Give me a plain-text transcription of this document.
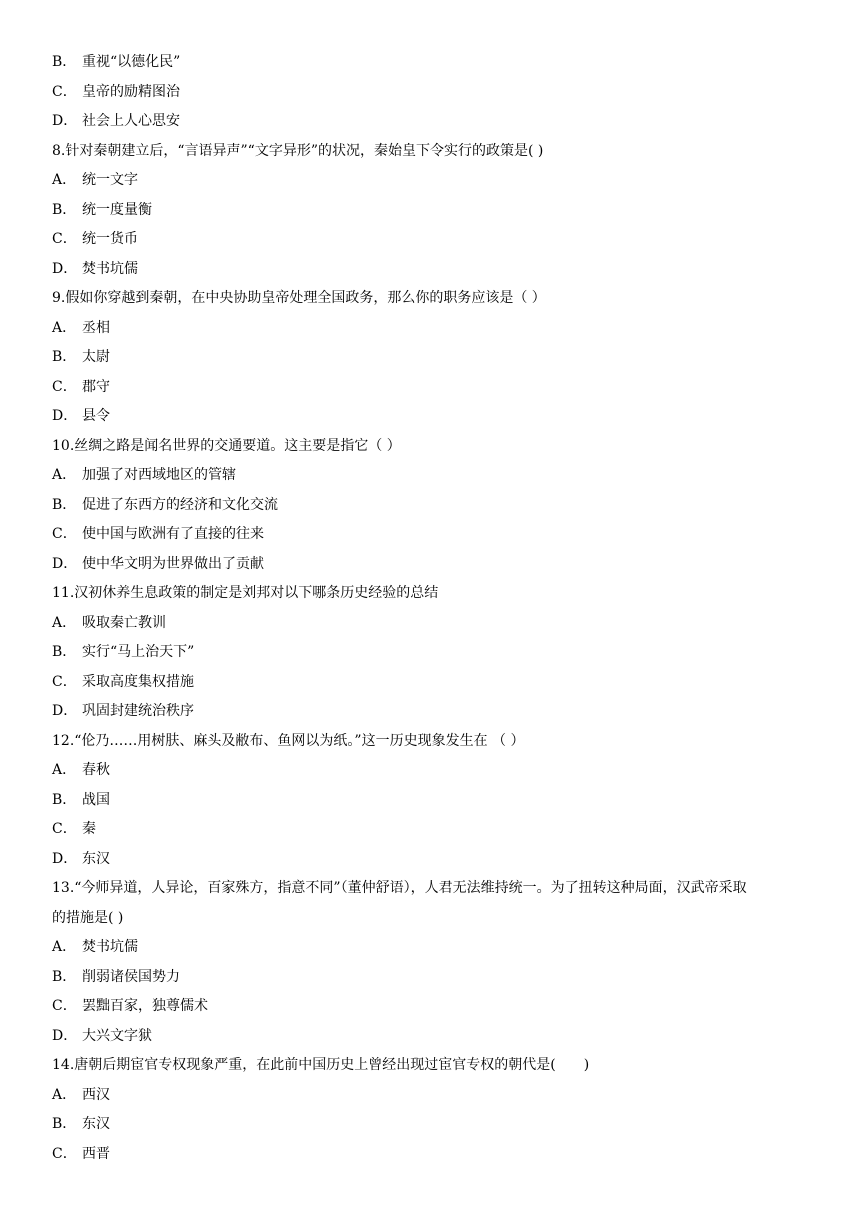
B． 重视“以德化民”
C． 皇帝的励精图治
D． 社会上人心思安
8.针对秦朝建立后，“言语异声”“文字异形”的状况，秦始皇下令实行的政策是( )
A． 统一文字
B． 统一度量衡
C． 统一货币
D． 焚书坑儒
9.假如你穿越到秦朝，在中央协助皇帝处理全国政务，那么你的职务应该是（ ）
A． 丞相
B． 太尉
C． 郡守
D． 县令
10.丝绸之路是闻名世界的交通要道。这主要是指它（ ）
A． 加强了对西域地区的管辖
B． 促进了东西方的经济和文化交流
C． 使中国与欧洲有了直接的往来
D． 使中华文明为世界做出了贡献
11.汉初休养生息政策的制定是刘邦对以下哪条历史经验的总结
A． 吸取秦亡教训
B． 实行“马上治天下”
C． 采取高度集权措施
D． 巩固封建统治秩序
12.“伦乃……用树肤、麻头及敝布、鱼网以为纸。”这一历史现象发生在 （ ）
A． 春秋
B． 战国
C． 秦
D． 东汉
13.“今师异道，人异论，百家殊方，指意不同”（董仲舒语），人君无法维持统一。为了扭转这种局面，汉武帝采取
的措施是( )
A． 焚书坑儒
B． 削弱诸侯国势力
C． 罢黜百家，独尊儒术
D． 大兴文字狱
14.唐朝后期宦官专权现象严重，在此前中国历史上曾经出现过宦官专权的朝代是(　　)
A． 西汉
B． 东汉
C． 西晋
